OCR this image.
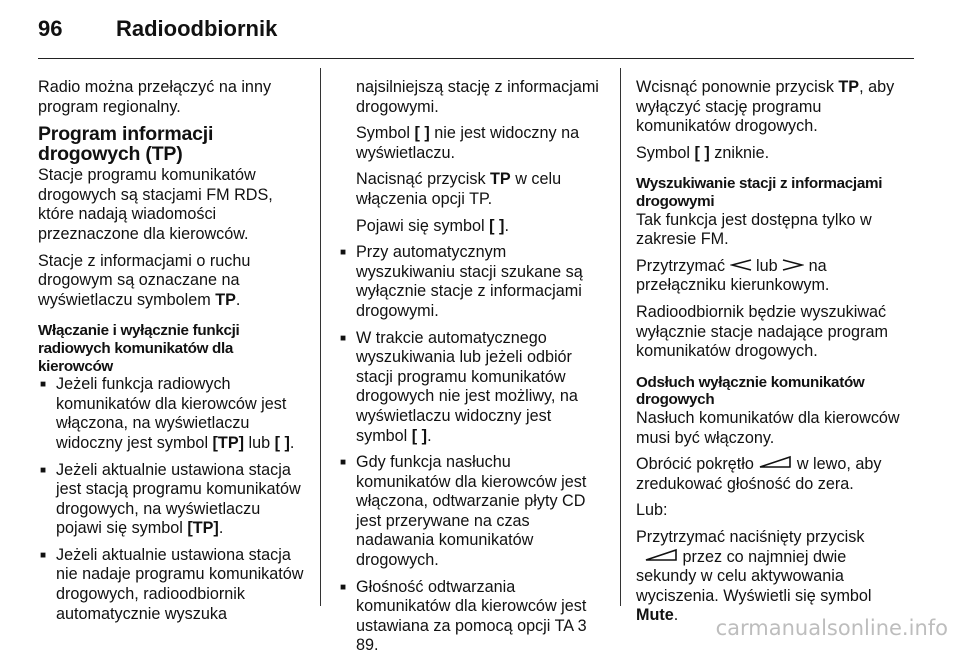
96	Radioodbiornik

Radio można przełączyć na inny program regionalny.

Program informacji drogowych (TP)

Stacje programu komunikatów drogowych są stacjami FM RDS, które nadają wiadomości przeznaczone dla kierowców.

Stacje z informacjami o ruchu drogowym są oznaczane na wyświetlaczu symbolem TP.

Włączanie i wyłącznie funkcji radiowych komunikatów dla kierowców
■ Jeżeli funkcja radiowych komunikatów dla kierowców jest włączona, na wyświetlaczu widoczny jest symbol [TP] lub [ ].
■ Jeżeli aktualnie ustawiona stacja jest stacją programu komunikatów drogowych, na wyświetlaczu pojawi się symbol [TP].
■ Jeżeli aktualnie ustawiona stacja nie nadaje programu komunikatów drogowych, radioodbiornik automatycznie wyszuka

najsilniejszą stację z informacjami drogowymi.

Symbol [ ] nie jest widoczny na wyświetlaczu.

Nacisnąć przycisk TP w celu włączenia opcji TP.

Pojawi się symbol [ ].

■ Przy automatycznym wyszukiwaniu stacji szukane są wyłącznie stacje z informacjami drogowymi.
■ W trakcie automatycznego wyszukiwania lub jeżeli odbiór stacji programu komunikatów drogowych nie jest możliwy, na wyświetlaczu widoczny jest symbol [ ].
■ Gdy funkcja nasłuchu komunikatów dla kierowców jest włączona, odtwarzanie płyty CD jest przerywane na czas nadawania komunikatów drogowych.
■ Głośność odtwarzania komunikatów dla kierowców jest ustawiana za pomocą opcji TA 3 89.

Wcisnąć ponownie przycisk TP, aby wyłączyć stację programu komunikatów drogowych.

Symbol [ ] zniknie.

Wyszukiwanie stacji z informacjami drogowymi

Tak funkcja jest dostępna tylko w zakresie FM.

Przytrzymać  lub  na przełączniku kierunkowym.

Radioodbiornik będzie wyszukiwać wyłącznie stacje nadające program komunikatów drogowych.

Odsłuch wyłącznie komunikatów drogowych

Nasłuch komunikatów dla kierowców musi być włączony.

Obrócić pokrętło  w lewo, aby zredukować głośność do zera.

Lub:

Przytrzymać naciśnięty przycisk
przez co najmniej dwie sekundy w celu aktywowania wyciszenia. Wyświetli się symbol Mute.

carmanualsonline.info
